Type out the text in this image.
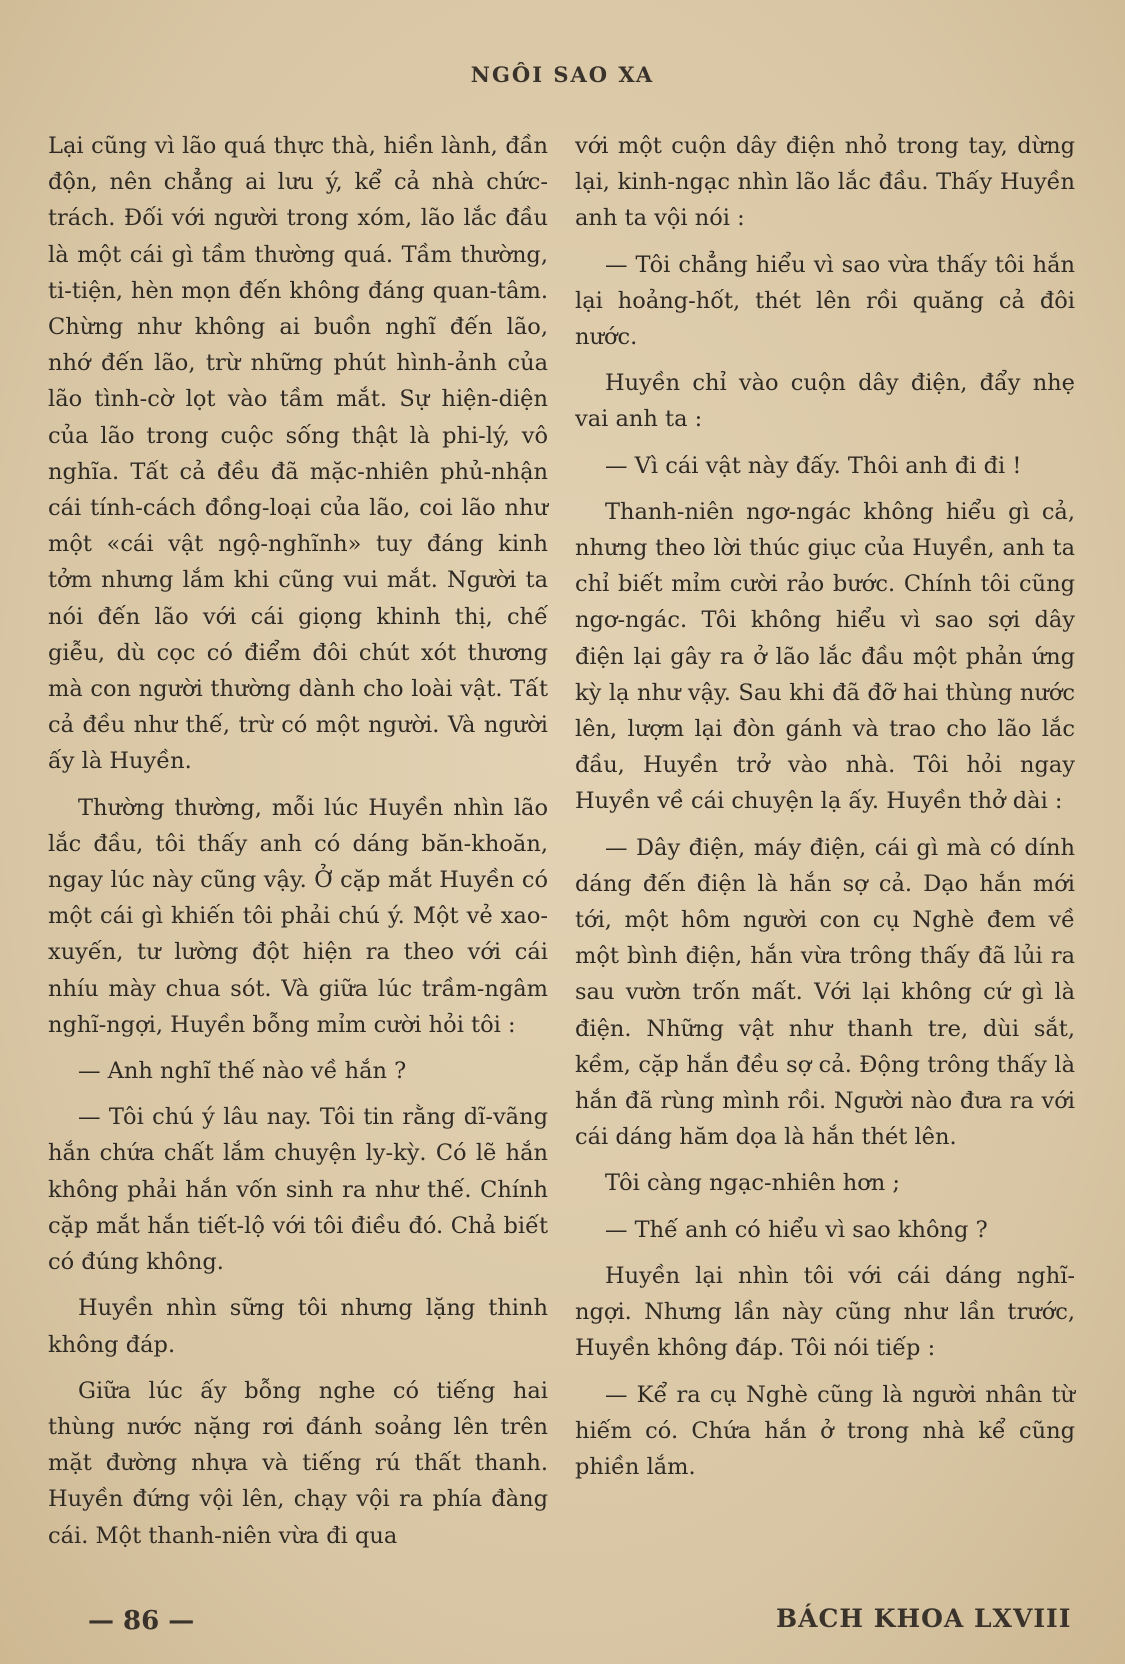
NGÔI SAO XA

Lại cũng vì lão quá thực thà, hiền lành, đần độn, nên chẳng ai lưu ý, kể cả nhà chức-trách. Đối với người trong xóm, lão lắc đầu là một cái gì tầm thường quá. Tầm thường, ti-tiện, hèn mọn đến không đáng quan-tâm. Chừng như không ai buồn nghĩ đến lão, nhớ đến lão, trừ những phút hình-ảnh của lão tình-cờ lọt vào tầm mắt. Sự hiện-diện của lão trong cuộc sống thật là phi-lý, vô nghĩa. Tất cả đều đã mặc-nhiên phủ-nhận cái tính-cách đồng-loại của lão, coi lão như một «cái vật ngộ-nghĩnh» tuy đáng kinh tởm nhưng lắm khi cũng vui mắt. Người ta nói đến lão với cái giọng khinh thị, chế giễu, dù cọc có điểm đôi chút xót thương mà con người thường dành cho loài vật. Tất cả đều như thế, trừ có một người. Và người ấy là Huyền.

Thường thường, mỗi lúc Huyền nhìn lão lắc đầu, tôi thấy anh có dáng băn-khoăn, ngay lúc này cũng vậy. Ở cặp mắt Huyền có một cái gì khiến tôi phải chú ý. Một vẻ xao-xuyến, tư lường đột hiện ra theo với cái nhíu mày chua sót. Và giữa lúc trầm-ngâm nghĩ-ngợi, Huyền bỗng mỉm cười hỏi tôi :

— Anh nghĩ thế nào về hắn ?

— Tôi chú ý lâu nay. Tôi tin rằng dĩ-vãng hắn chứa chất lắm chuyện ly-kỳ. Có lẽ hắn không phải hắn vốn sinh ra như thế. Chính cặp mắt hắn tiết-lộ với tôi điều đó. Chả biết có đúng không.

Huyền nhìn sững tôi nhưng lặng thinh không đáp.

Giữa lúc ấy bỗng nghe có tiếng hai thùng nước nặng rơi đánh soảng lên trên mặt đường nhựa và tiếng rú thất thanh. Huyền đứng vội lên, chạy vội ra phía đàng cái. Một thanh-niên vừa đi qua

với một cuộn dây điện nhỏ trong tay, dừng lại, kinh-ngạc nhìn lão lắc đầu. Thấy Huyền anh ta vội nói :

— Tôi chẳng hiểu vì sao vừa thấy tôi hắn lại hoảng-hốt, thét lên rồi quăng cả đôi nước.

Huyền chỉ vào cuộn dây điện, đẩy nhẹ vai anh ta :

— Vì cái vật này đấy. Thôi anh đi đi !

Thanh-niên ngơ-ngác không hiểu gì cả, nhưng theo lời thúc giục của Huyền, anh ta chỉ biết mỉm cười rảo bước. Chính tôi cũng ngơ-ngác. Tôi không hiểu vì sao sợi dây điện lại gây ra ở lão lắc đầu một phản ứng kỳ lạ như vậy. Sau khi đã đỡ hai thùng nước lên, lượm lại đòn gánh và trao cho lão lắc đầu, Huyền trở vào nhà. Tôi hỏi ngay Huyền về cái chuyện lạ ấy. Huyền thở dài :

— Dây điện, máy điện, cái gì mà có dính dáng đến điện là hắn sợ cả. Dạo hắn mới tới, một hôm người con cụ Nghè đem về một bình điện, hắn vừa trông thấy đã lủi ra sau vườn trốn mất. Với lại không cứ gì là điện. Những vật như thanh tre, dùi sắt, kềm, cặp hắn đều sợ cả. Động trông thấy là hắn đã rùng mình rồi. Người nào đưa ra với cái dáng hăm dọa là hắn thét lên.

Tôi càng ngạc-nhiên hơn ;

— Thế anh có hiểu vì sao không ?

Huyền lại nhìn tôi với cái dáng nghĩ-ngợi. Nhưng lần này cũng như lần trước, Huyền không đáp. Tôi nói tiếp :

— Kể ra cụ Nghè cũng là người nhân từ hiếm có. Chứa hắn ở trong nhà kể cũng phiền lắm.

— 86 —	BÁCH KHOA LXVIII
